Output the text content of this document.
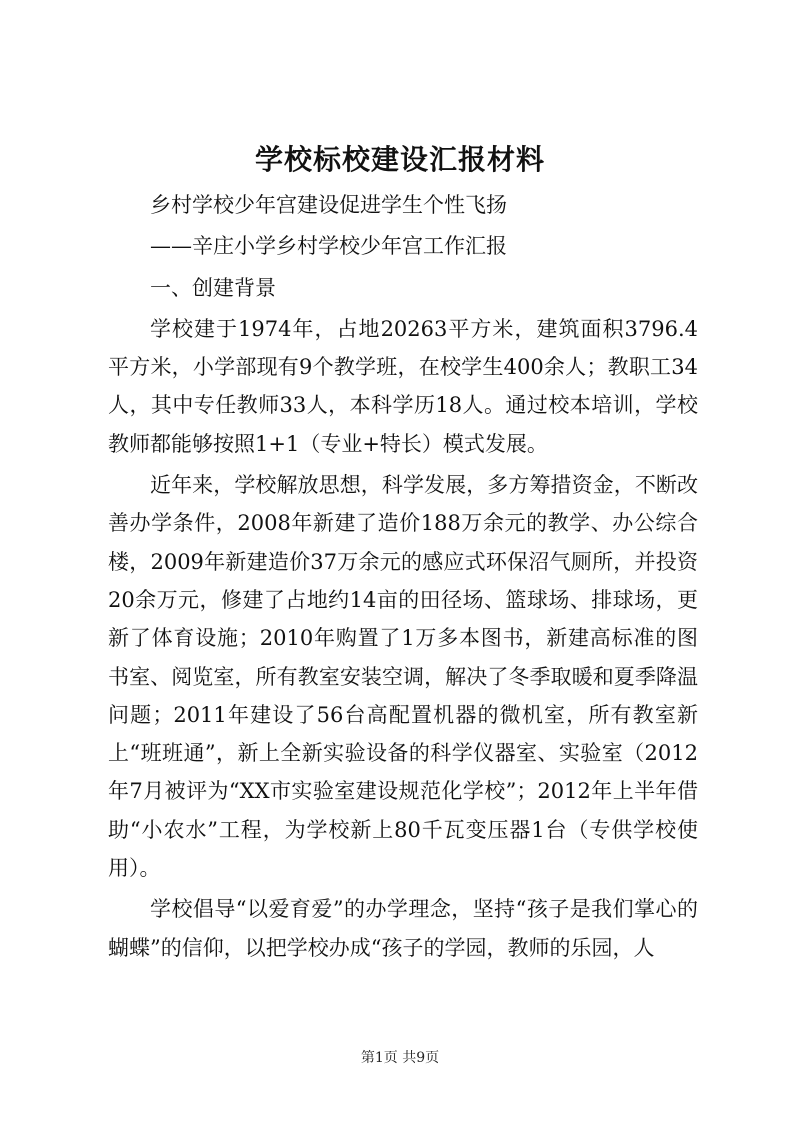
学校标校建设汇报材料

乡村学校少年宫建设促进学生个性飞扬

——辛庄小学乡村学校少年宫工作汇报

一、创建背景

学校建于1974年，占地20263平方米，建筑面积3796.4平方米，小学部现有9个教学班，在校学生400余人；教职工34人，其中专任教师33人，本科学历18人。通过校本培训，学校教师都能够按照1+1（专业+特长）模式发展。

近年来，学校解放思想，科学发展，多方筹措资金，不断改善办学条件，2008年新建了造价188万余元的教学、办公综合楼，2009年新建造价37万余元的感应式环保沼气厕所，并投资20余万元，修建了占地约14亩的田径场、篮球场、排球场，更新了体育设施；2010年购置了1万多本图书，新建高标准的图书室、阅览室，所有教室安装空调，解决了冬季取暖和夏季降温问题；2011年建设了56台高配置机器的微机室，所有教室新上“班班通”，新上全新实验设备的科学仪器室、实验室（2012年7月被评为“XX市实验室建设规范化学校”；2012年上半年借助“小农水”工程，为学校新上80千瓦变压器1台（专供学校使用）。

学校倡导“以爱育爱”的办学理念，坚持“孩子是我们掌心的蝴蝶”的信仰，以把学校办成“孩子的学园，教师的乐园，人

第1页 共9页
